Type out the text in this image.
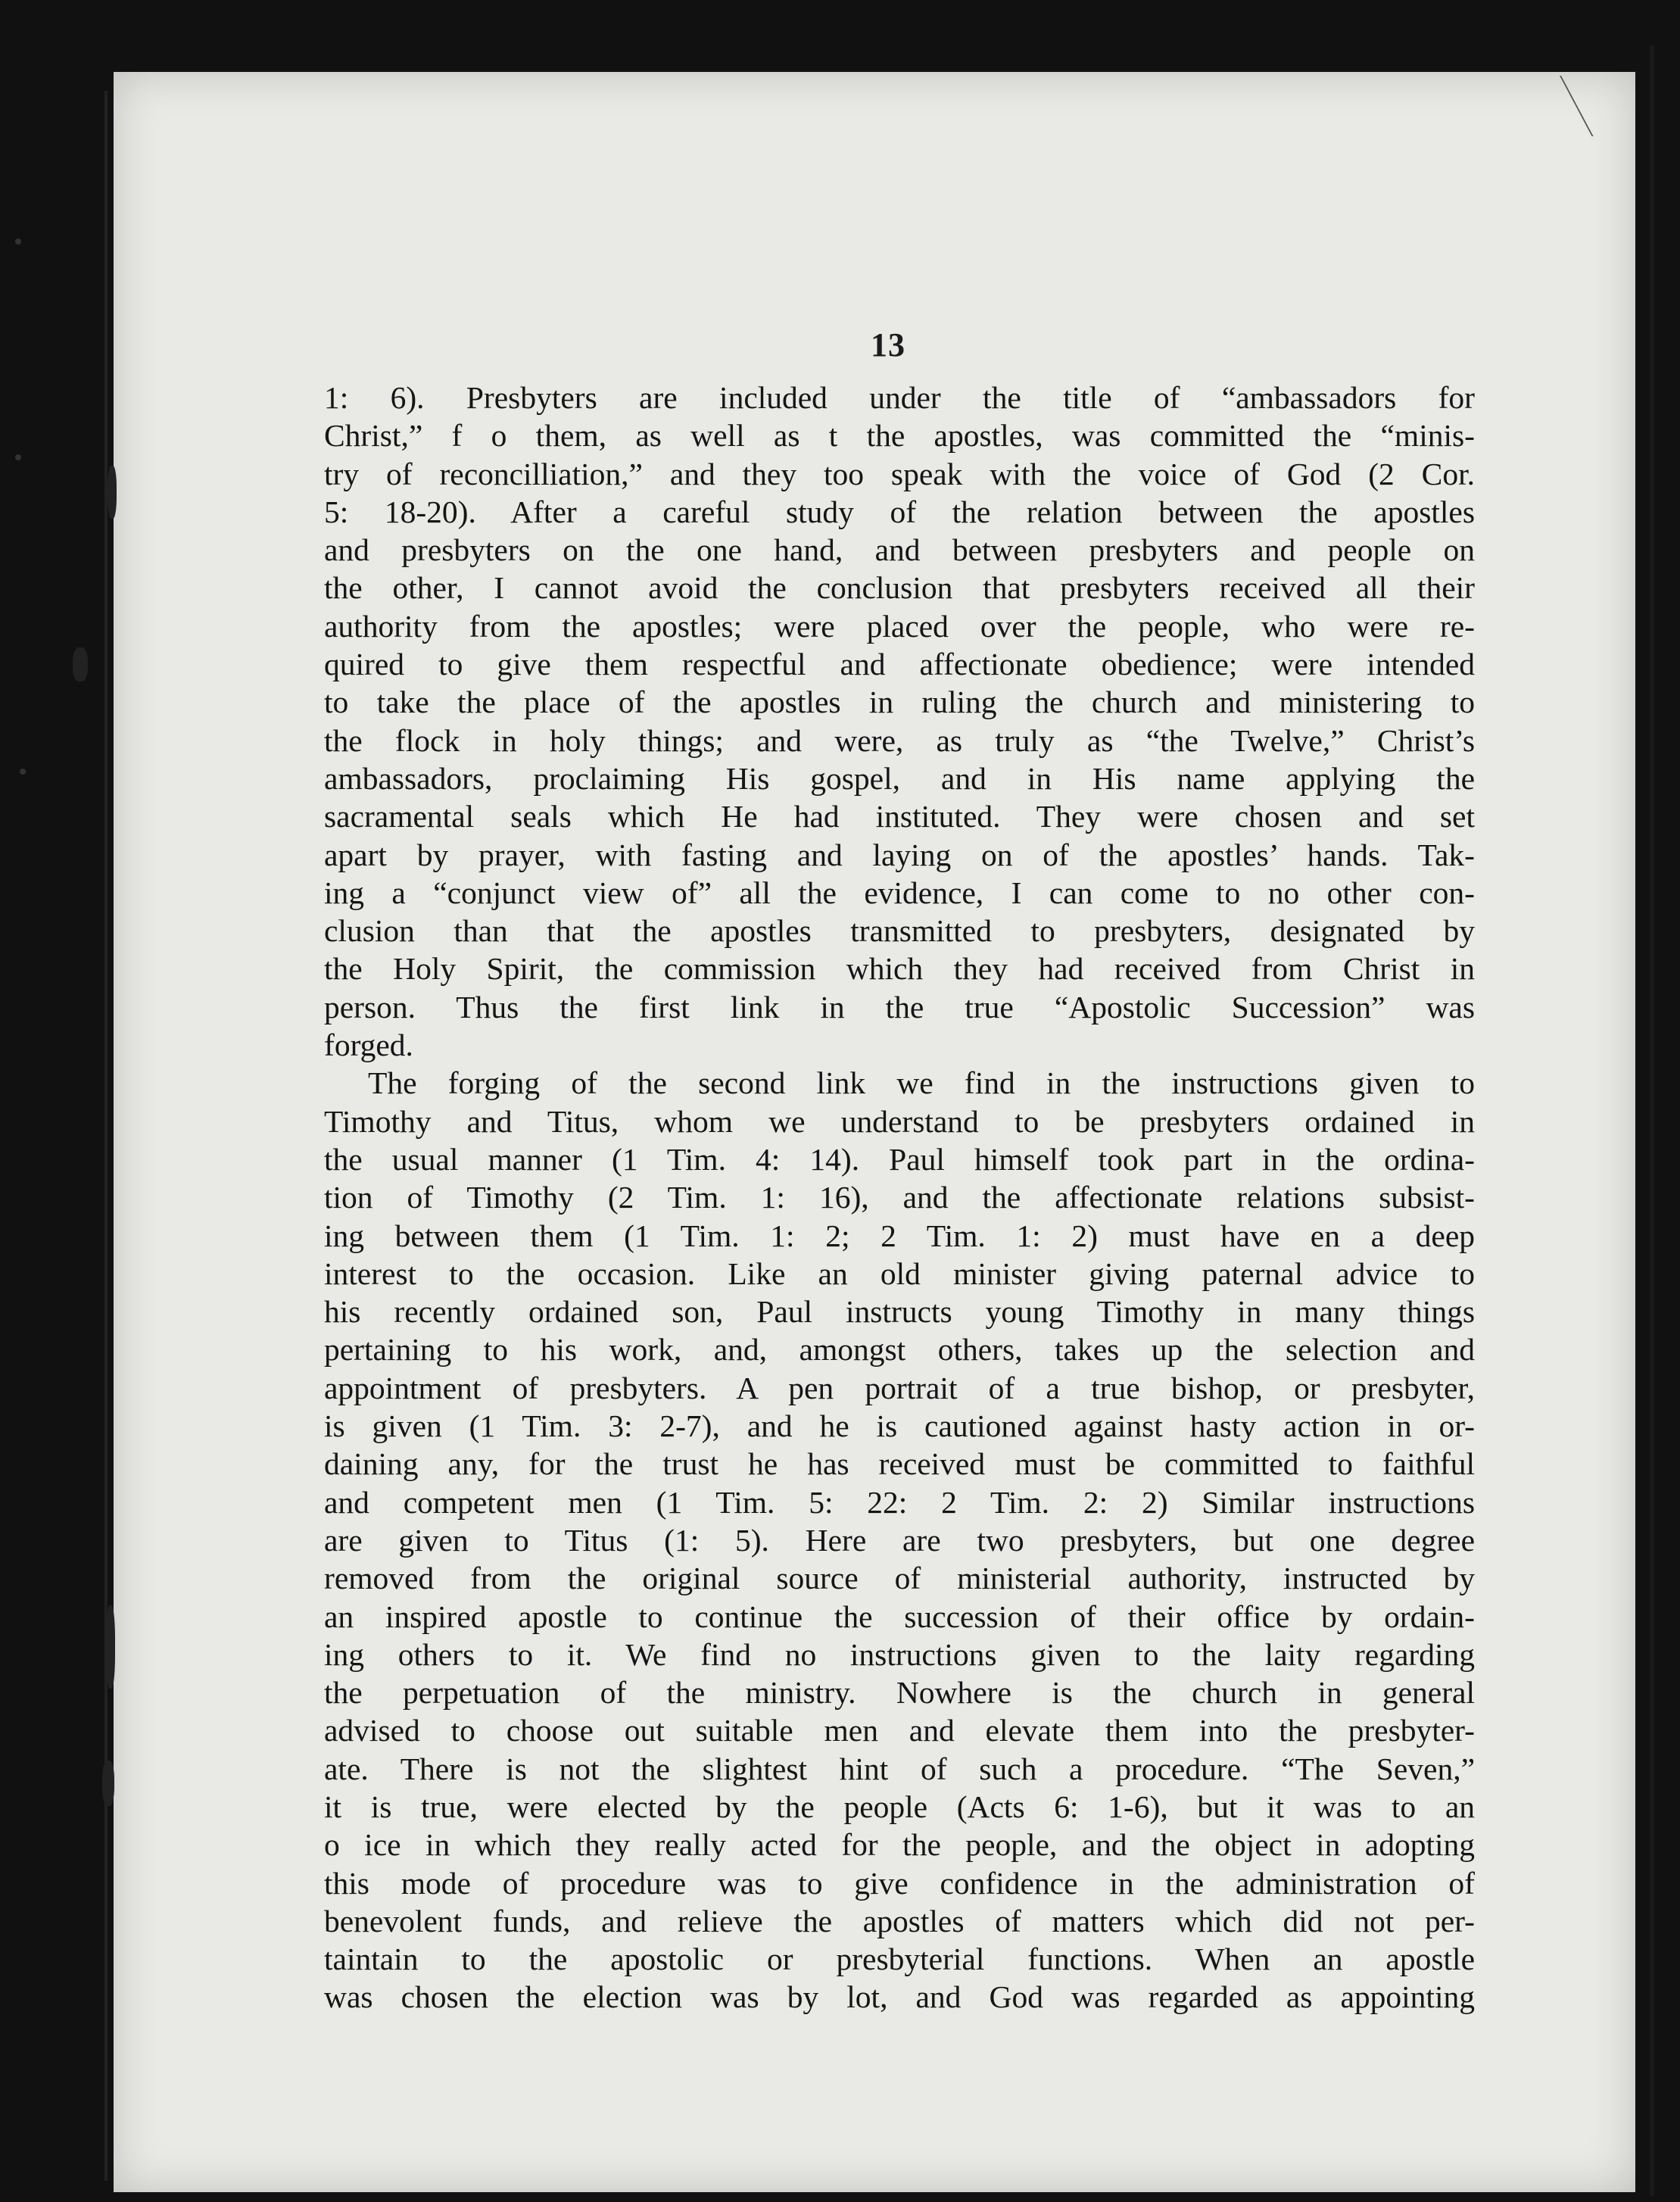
13
1: 6). Presbyters are included under the title of “ambassadors for
Christ,” f o them, as well as t the apostles, was committed the “minis-
try of reconcilliation,” and they too speak with the voice of God (2 Cor.
5: 18-20). After a careful study of the relation between the apostles
and presbyters on the one hand, and between presbyters and people on
the other, I cannot avoid the conclusion that presbyters received all their
authority from the apostles; were placed over the people, who were re-
quired to give them respectful and affectionate obedience; were intended
to take the place of the apostles in ruling the church and ministering to
the flock in holy things; and were, as truly as “the Twelve,” Christ’s
ambassadors, proclaiming His gospel, and in His name applying the
sacramental seals which He had instituted. They were chosen and set
apart by prayer, with fasting and laying on of the apostles’ hands. Tak-
ing a “conjunct view of” all the evidence, I can come to no other con-
clusion than that the apostles transmitted to presbyters, designated by
the Holy Spirit, the commission which they had received from Christ in
person. Thus the first link in the true “Apostolic Succession” was
forged.
The forging of the second link we find in the instructions given to
Timothy and Titus, whom we understand to be presbyters ordained in
the usual manner (1 Tim. 4: 14). Paul himself took part in the ordina-
tion of Timothy (2 Tim. 1: 16), and the affectionate relations subsist-
ing between them (1 Tim. 1: 2; 2 Tim. 1: 2) must have en a deep
interest to the occasion. Like an old minister giving paternal advice to
his recently ordained son, Paul instructs young Timothy in many things
pertaining to his work, and, amongst others, takes up the selection and
appointment of presbyters. A pen portrait of a true bishop, or presbyter,
is given (1 Tim. 3: 2-7), and he is cautioned against hasty action in or-
daining any, for the trust he has received must be committed to faithful
and competent men (1 Tim. 5: 22: 2 Tim. 2: 2) Similar instructions
are given to Titus (1: 5). Here are two presbyters, but one degree
removed from the original source of ministerial authority, instructed by
an inspired apostle to continue the succession of their office by ordain-
ing others to it. We find no instructions given to the laity regarding
the perpetuation of the ministry. Nowhere is the church in general
advised to choose out suitable men and elevate them into the presbyter-
ate. There is not the slightest hint of such a procedure. “The Seven,”
it is true, were elected by the people (Acts 6: 1-6), but it was to an
o ice in which they really acted for the people, and the object in adopting
this mode of procedure was to give confidence in the administration of
benevolent funds, and relieve the apostles of matters which did not per-
taintain to the apostolic or presbyterial functions. When an apostle
was chosen the election was by lot, and God was regarded as appointing
